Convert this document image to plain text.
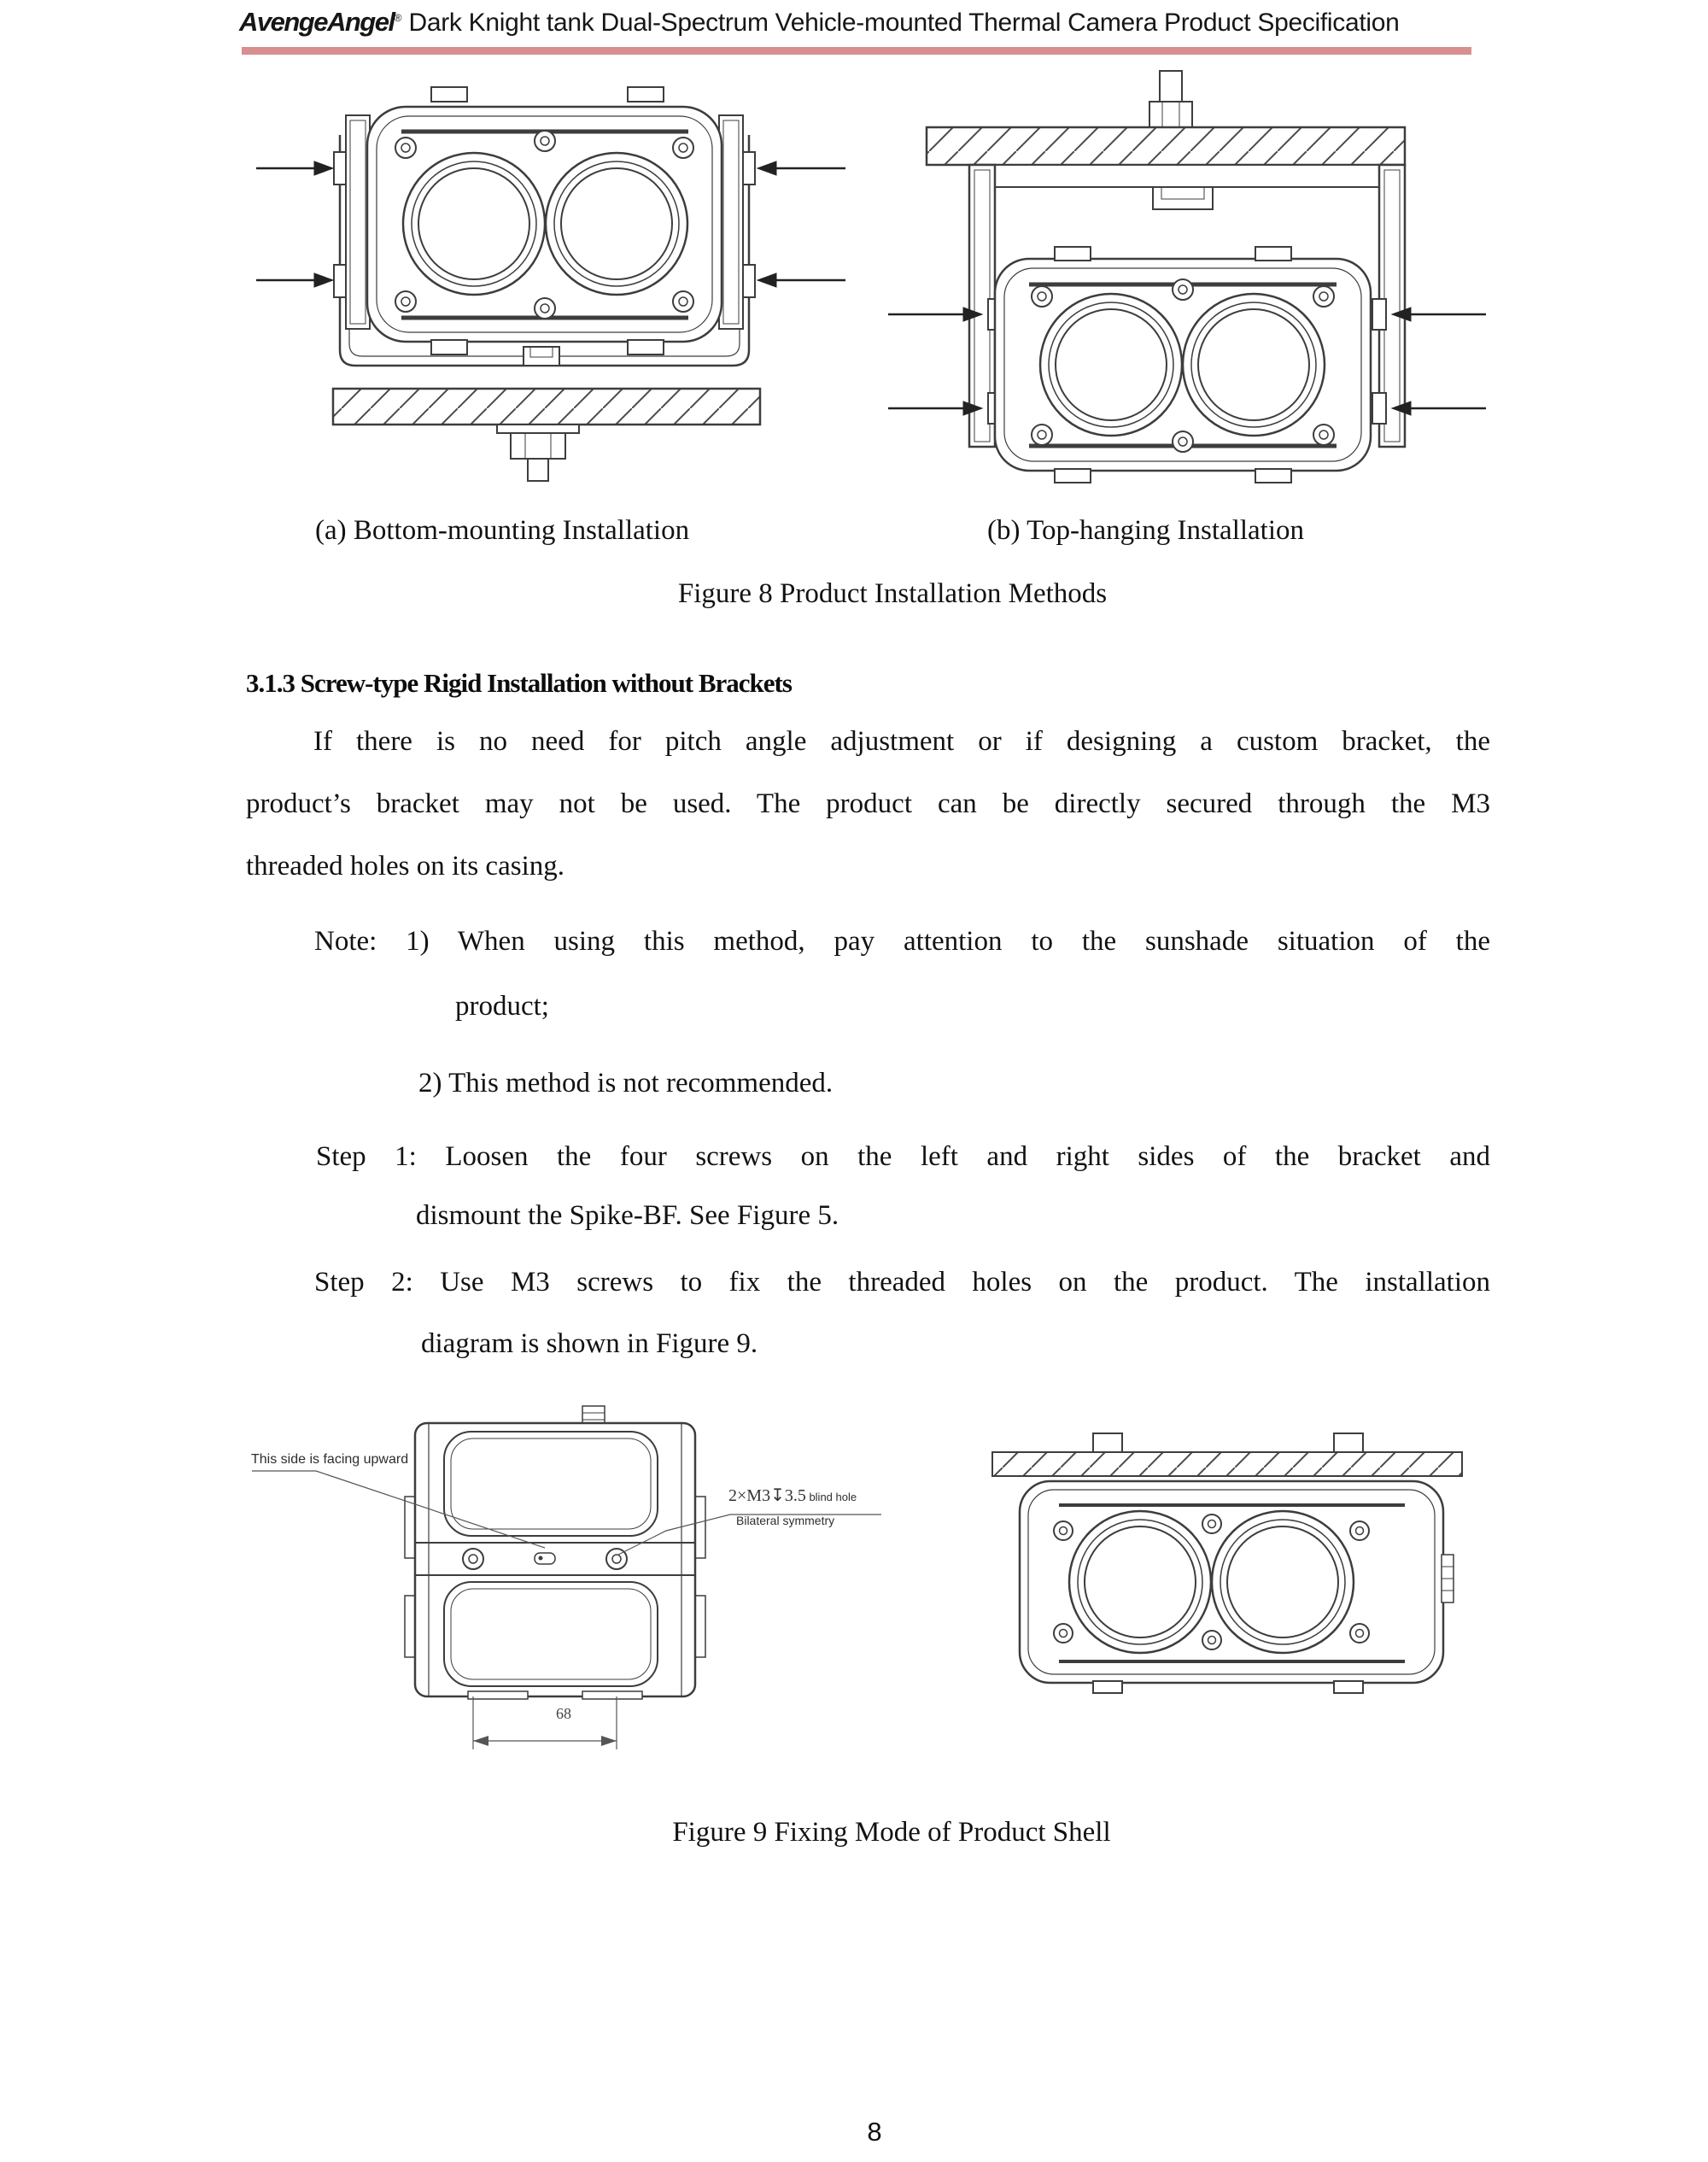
AvengeAngel® Dark Knight tank Dual-Spectrum Vehicle-mounted Thermal Camera Product Specification
(a) Bottom-mounting Installation	(b) Top-hanging Installation
Figure 8 Product Installation Methods
3.1.3 Screw-type Rigid Installation without Brackets
If there is no need for pitch angle adjustment or if designing a custom bracket, the
product’s bracket may not be used. The product can be directly secured through the M3
threaded holes on its casing.
Note: 1) When using this method, pay attention to the sunshade situation of the
product;
2) This method is not recommended.
Step 1: Loosen the four screws on the left and right sides of the bracket and
dismount the Spike-BF. See Figure 5.
Step 2: Use M3 screws to fix the threaded holes on the product. The installation
diagram is shown in Figure 9.
This side is facing upward
2×M3↧3.5 blind hole
Bilateral symmetry
68
Figure 9 Fixing Mode of Product Shell
8
